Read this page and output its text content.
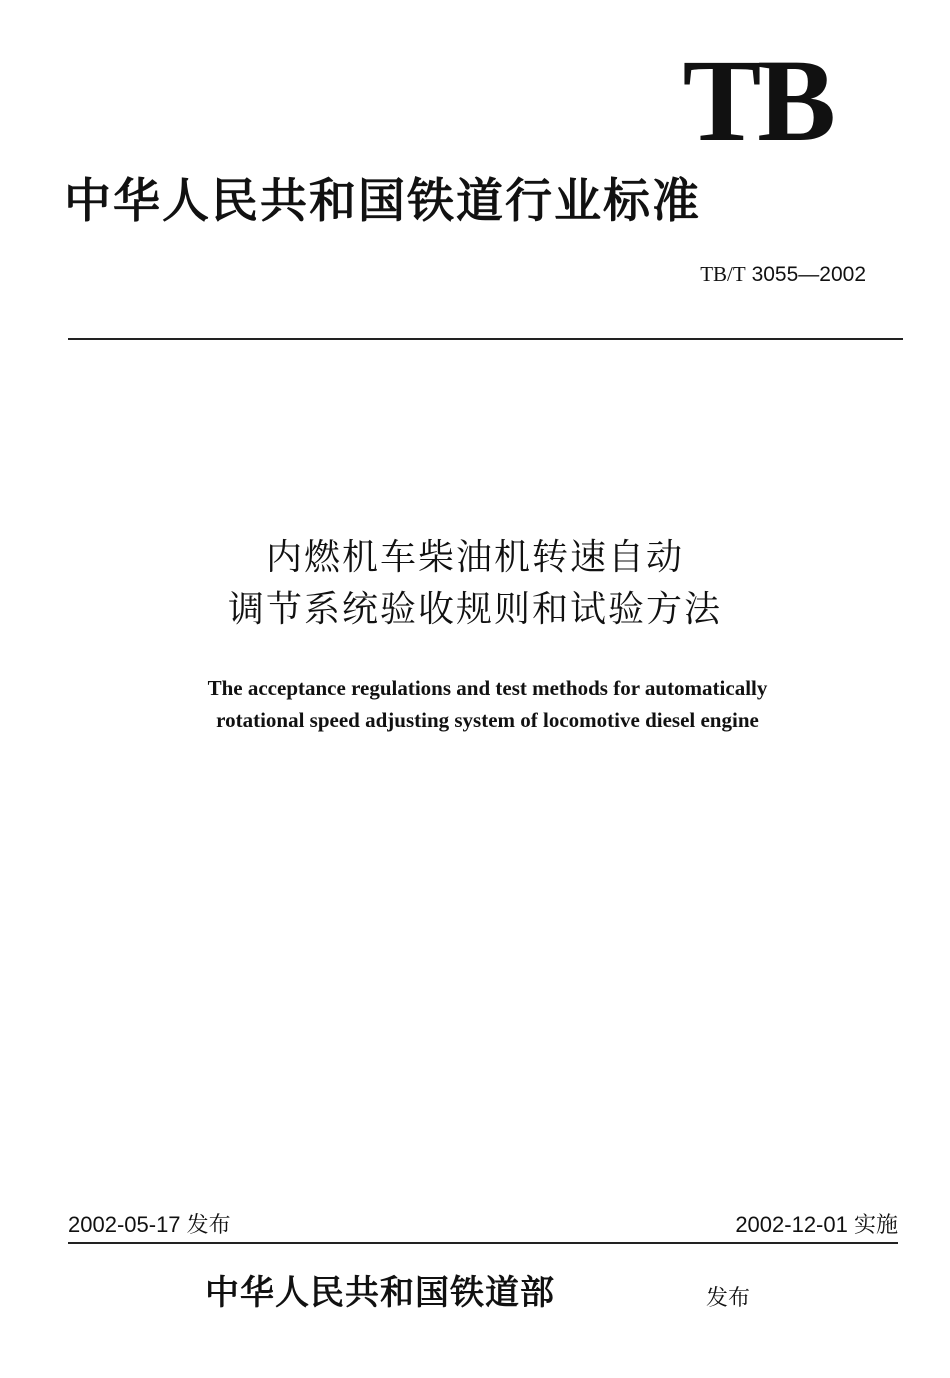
TB
中华人民共和国铁道行业标准
TB/T 3055—2002
内燃机车柴油机转速自动
调节系统验收规则和试验方法
The acceptance regulations and test methods for automatically
rotational speed adjusting system of locomotive diesel engine
2002-05-17 发布	2002-12-01 实施
中华人民共和国铁道部	发布
